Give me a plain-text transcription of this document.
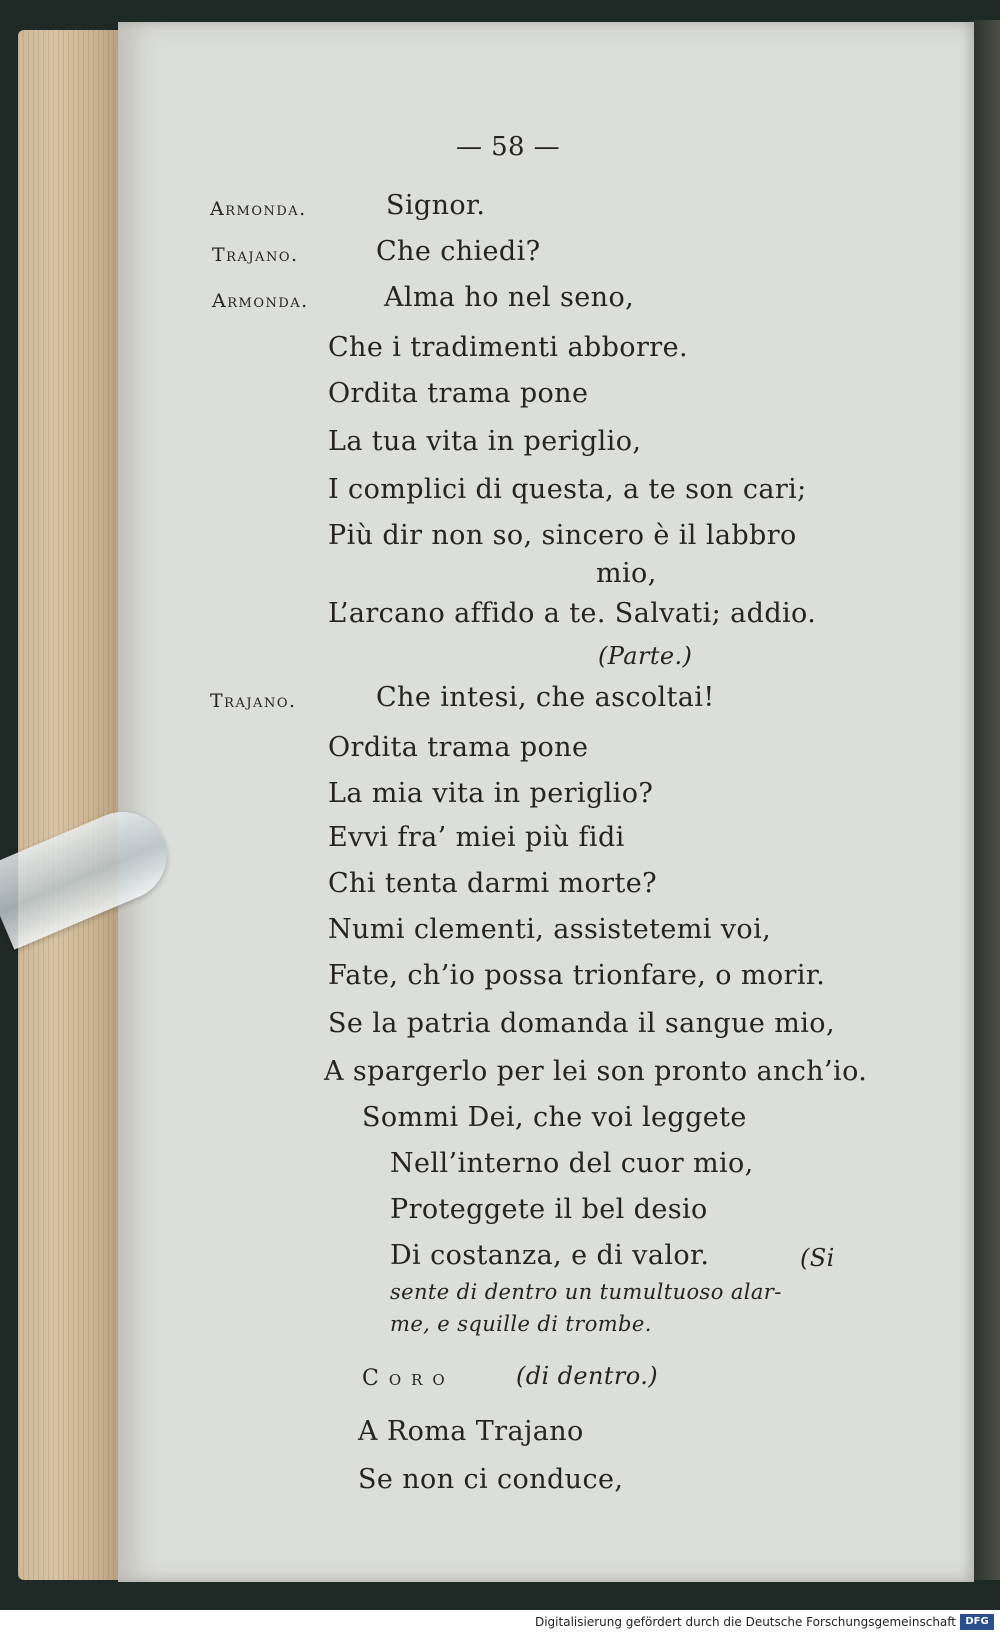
— 58 —
Armonda.	Signor.
Trajano.	Che chiedi?
Armonda.	Alma ho nel seno,
Che i tradimenti abborre.
Ordita trama pone
La tua vita in periglio,
I complici di questa, a te son cari;
Più dir non so, sincero è il labbro
mio,
L’arcano affido a te. Salvati; addio.
(Parte.)
Trajano.	Che intesi, che ascoltai!
Ordita trama pone
La mia vita in periglio?
Evvi fra’ miei più fidi
Chi tenta darmi morte?
Numi clementi, assistetemi voi,
Fate, ch’io possa trionfare, o morir.
Se la patria domanda il sangue mio,
A spargerlo per lei son pronto anch’io.
Sommi Dei, che voi leggete
Nell’interno del cuor mio,
Proteggete il bel desio
Di costanza, e di valor.	(Si
sente di dentro un tumultuoso alar-
me, e squille di trombe.
Coro	(di dentro.)
A Roma Trajano
Se non ci conduce,
Digitalisierung gefördert durch die Deutsche Forschungsgemeinschaft DFG
